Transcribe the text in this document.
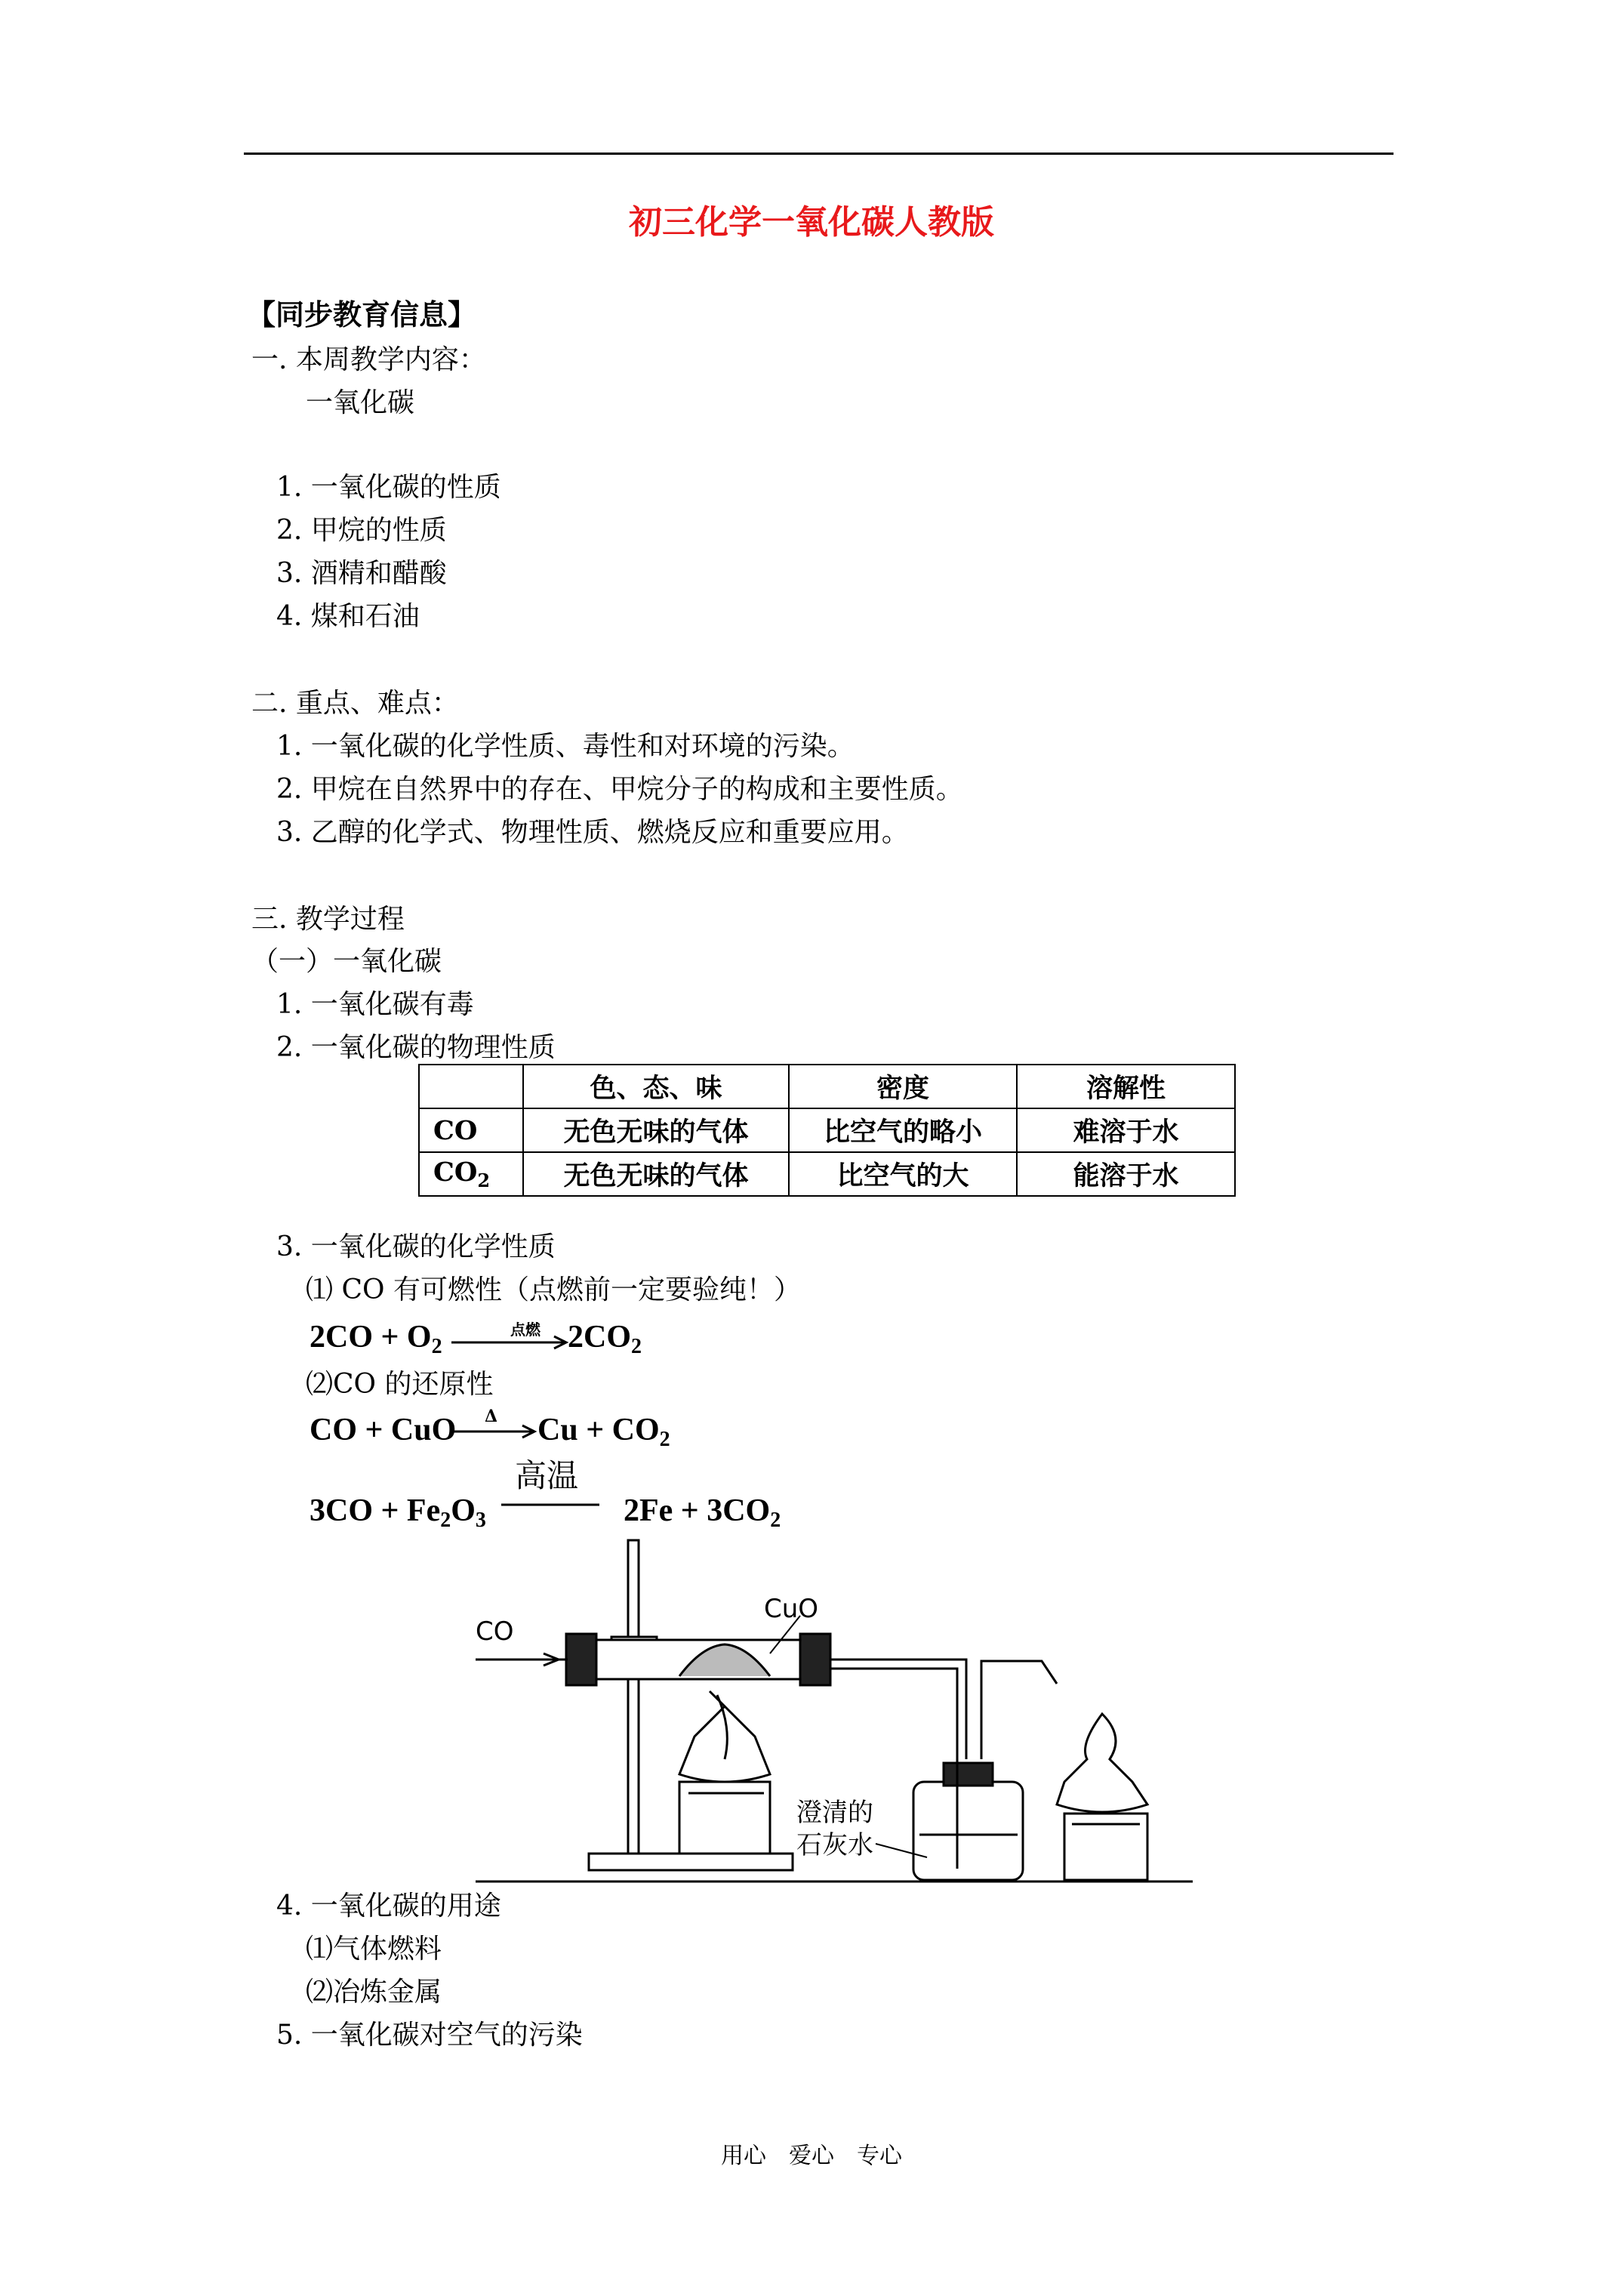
初三化学一氧化碳人教版
【同步教育信息】
一. 本周教学内容：
一氧化碳
1. 一氧化碳的性质
2. 甲烷的性质
3. 酒精和醋酸
4. 煤和石油
二. 重点、难点：
1. 一氧化碳的化学性质、毒性和对环境的污染。
2. 甲烷在自然界中的存在、甲烷分子的构成和主要性质。
3. 乙醇的化学式、物理性质、燃烧反应和重要应用。
三. 教学过程
（一）一氧化碳
1. 一氧化碳有毒
2. 一氧化碳的物理性质
	色、态、味	密度	溶解性
CO	无色无味的气体	比空气的略小	难溶于水
$CO_2$	无色无味的气体	比空气的大	能溶于水
3. 一氧化碳的化学性质
⑴ CO 有可燃性（点燃前一定要验纯！）
$2CO + O_2$
点燃 $2CO_2$
⑵CO 的还原性
CO + CuO Δ $Cu + CO_2$
$3CO + Fe_2O_3$
高温
$2Fe + 3CO_2$
CO
CuO
澄清的
石灰水
4. 一氧化碳的用途
⑴气体燃料
⑵冶炼金属
5. 一氧化碳对空气的污染
用心　爱心　专心
